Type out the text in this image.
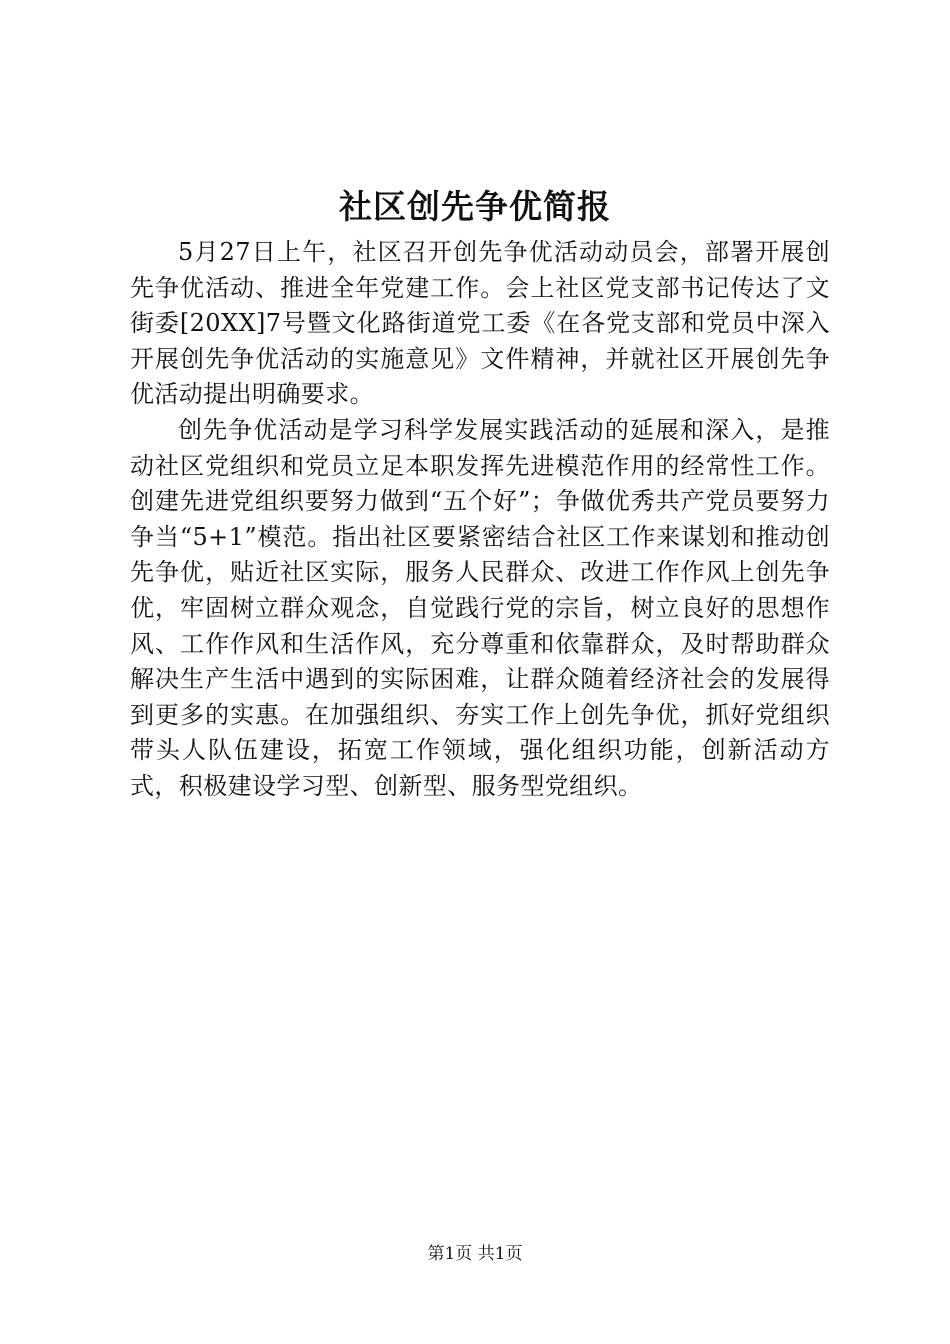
社区创先争优简报

5月27日上午，社区召开创先争优活动动员会，部署开展创先争优活动、推进全年党建工作。会上社区党支部书记传达了文街委[20XX]7号暨文化路街道党工委《在各党支部和党员中深入开展创先争优活动的实施意见》文件精神，并就社区开展创先争优活动提出明确要求。

创先争优活动是学习科学发展实践活动的延展和深入，是推动社区党组织和党员立足本职发挥先进模范作用的经常性工作。创建先进党组织要努力做到“五个好”；争做优秀共产党员要努力争当“5+1”模范。指出社区要紧密结合社区工作来谋划和推动创先争优，贴近社区实际，服务人民群众、改进工作作风上创先争优，牢固树立群众观念，自觉践行党的宗旨，树立良好的思想作风、工作作风和生活作风，充分尊重和依靠群众，及时帮助群众解决生产生活中遇到的实际困难，让群众随着经济社会的发展得到更多的实惠。在加强组织、夯实工作上创先争优，抓好党组织带头人队伍建设，拓宽工作领域，强化组织功能，创新活动方式，积极建设学习型、创新型、服务型党组织。

第1页 共1页
